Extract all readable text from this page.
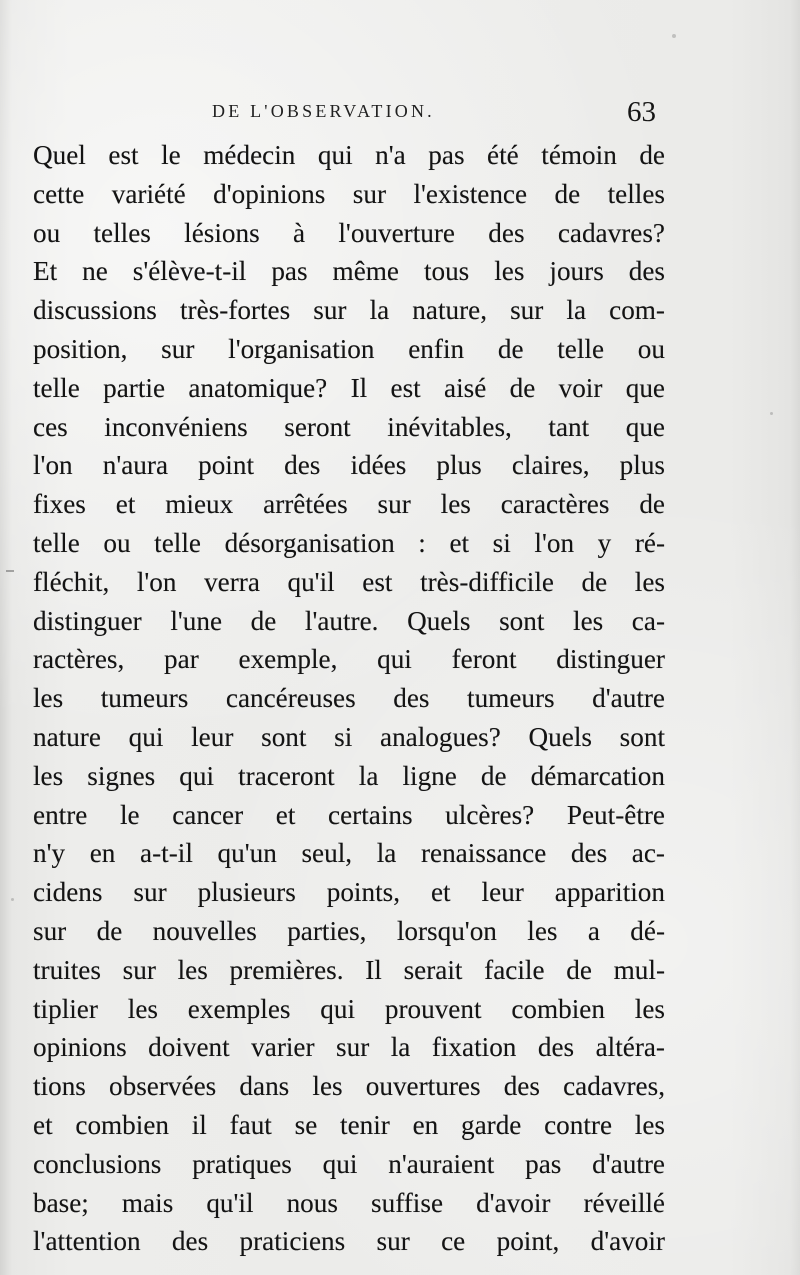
DE L'OBSERVATION.	63
Quel est le médecin qui n'a pas été témoin de
cette variété d'opinions sur l'existence de telles
ou telles lésions à l'ouverture des cadavres?
Et ne s'élève-t-il pas même tous les jours des
discussions très-fortes sur la nature, sur la com-
position, sur l'organisation enfin de telle ou
telle partie anatomique? Il est aisé de voir que
ces inconvéniens seront inévitables, tant que
l'on n'aura point des idées plus claires, plus
fixes et mieux arrêtées sur les caractères de
telle ou telle désorganisation : et si l'on y ré-
fléchit, l'on verra qu'il est très-difficile de les
distinguer l'une de l'autre. Quels sont les ca-
ractères, par exemple, qui feront distinguer
les tumeurs cancéreuses des tumeurs d'autre
nature qui leur sont si analogues? Quels sont
les signes qui traceront la ligne de démarcation
entre le cancer et certains ulcères? Peut-être
n'y en a-t-il qu'un seul, la renaissance des ac-
cidens sur plusieurs points, et leur apparition
sur de nouvelles parties, lorsqu'on les a dé-
truites sur les premières. Il serait facile de mul-
tiplier les exemples qui prouvent combien les
opinions doivent varier sur la fixation des altéra-
tions observées dans les ouvertures des cadavres,
et combien il faut se tenir en garde contre les
conclusions pratiques qui n'auraient pas d'autre
base; mais qu'il nous suffise d'avoir réveillé
l'attention des praticiens sur ce point, d'avoir
